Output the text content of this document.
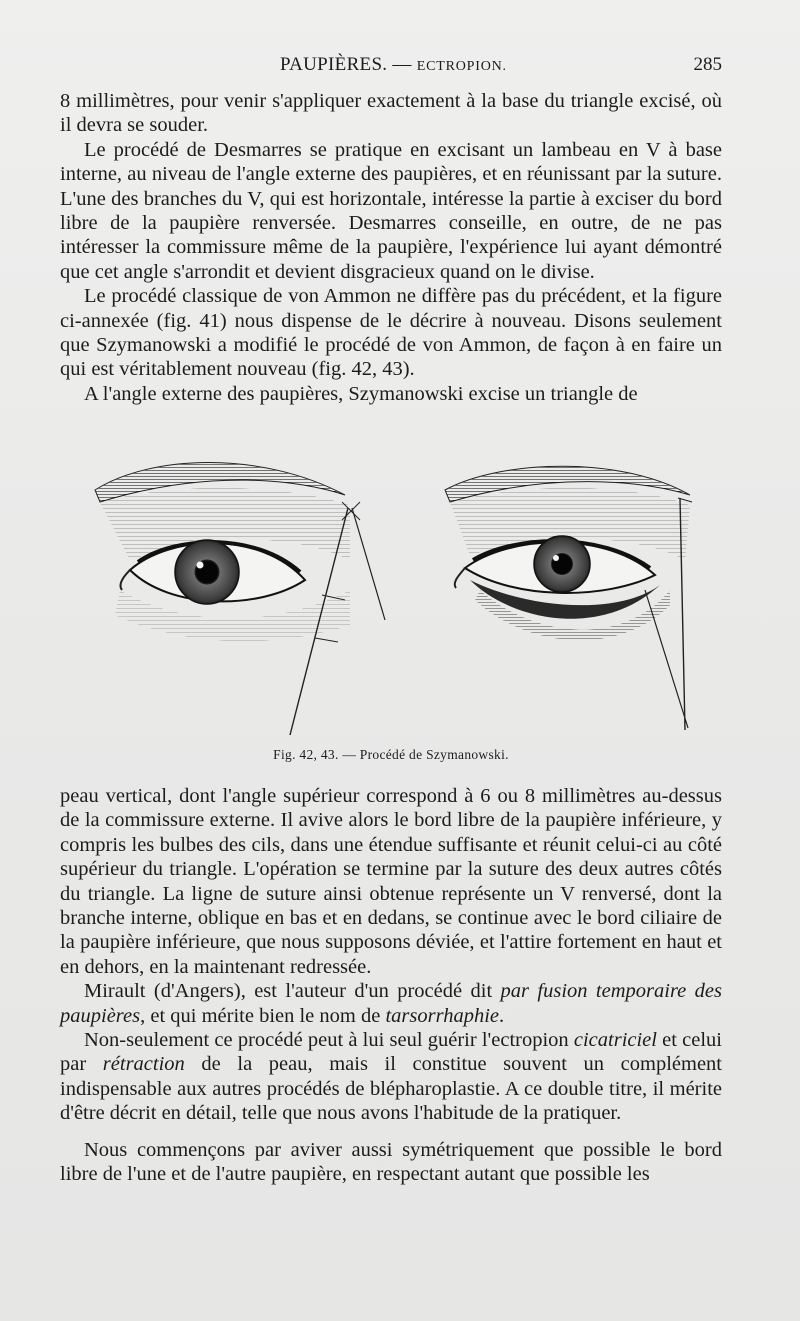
PAUPIÈRES. — ECTROPION.	285

8 millimètres, pour venir s'appliquer exactement à la base du triangle excisé, où il devra se souder.

Le procédé de Desmarres se pratique en excisant un lambeau en V à base interne, au niveau de l'angle externe des paupières, et en réunissant par la suture. L'une des branches du V, qui est horizontale, intéresse la partie à exciser du bord libre de la paupière renversée. Desmarres conseille, en outre, de ne pas intéresser la commissure même de la paupière, l'expérience lui ayant démontré que cet angle s'arrondit et devient disgracieux quand on le divise.

Le procédé classique de von Ammon ne diffère pas du précédent, et la figure ci-annexée (fig. 41) nous dispense de le décrire à nouveau. Disons seulement que Szymanowski a modifié le procédé de von Ammon, de façon à en faire un qui est véritablement nouveau (fig. 42, 43).

A l'angle externe des paupières, Szymanowski excise un triangle de

Fig. 42, 43. — Procédé de Szymanowski.

peau vertical, dont l'angle supérieur correspond à 6 ou 8 millimètres au-dessus de la commissure externe. Il avive alors le bord libre de la paupière inférieure, y compris les bulbes des cils, dans une étendue suffisante et réunit celui-ci au côté supérieur du triangle. L'opération se termine par la suture des deux autres côtés du triangle. La ligne de suture ainsi obtenue représente un V renversé, dont la branche interne, oblique en bas et en dedans, se continue avec le bord ciliaire de la paupière inférieure, que nous supposons déviée, et l'attire fortement en haut et en dehors, en la maintenant redressée.

Mirault (d'Angers), est l'auteur d'un procédé dit par fusion temporaire des paupières, et qui mérite bien le nom de tarsorrhaphie.

Non-seulement ce procédé peut à lui seul guérir l'ectropion cicatriciel et celui par rétraction de la peau, mais il constitue souvent un complément indispensable aux autres procédés de blépharoplastie. A ce double titre, il mérite d'être décrit en détail, telle que nous avons l'habitude de la pratiquer.

Nous commençons par aviver aussi symétriquement que possible le bord libre de l'une et de l'autre paupière, en respectant autant que possible les
